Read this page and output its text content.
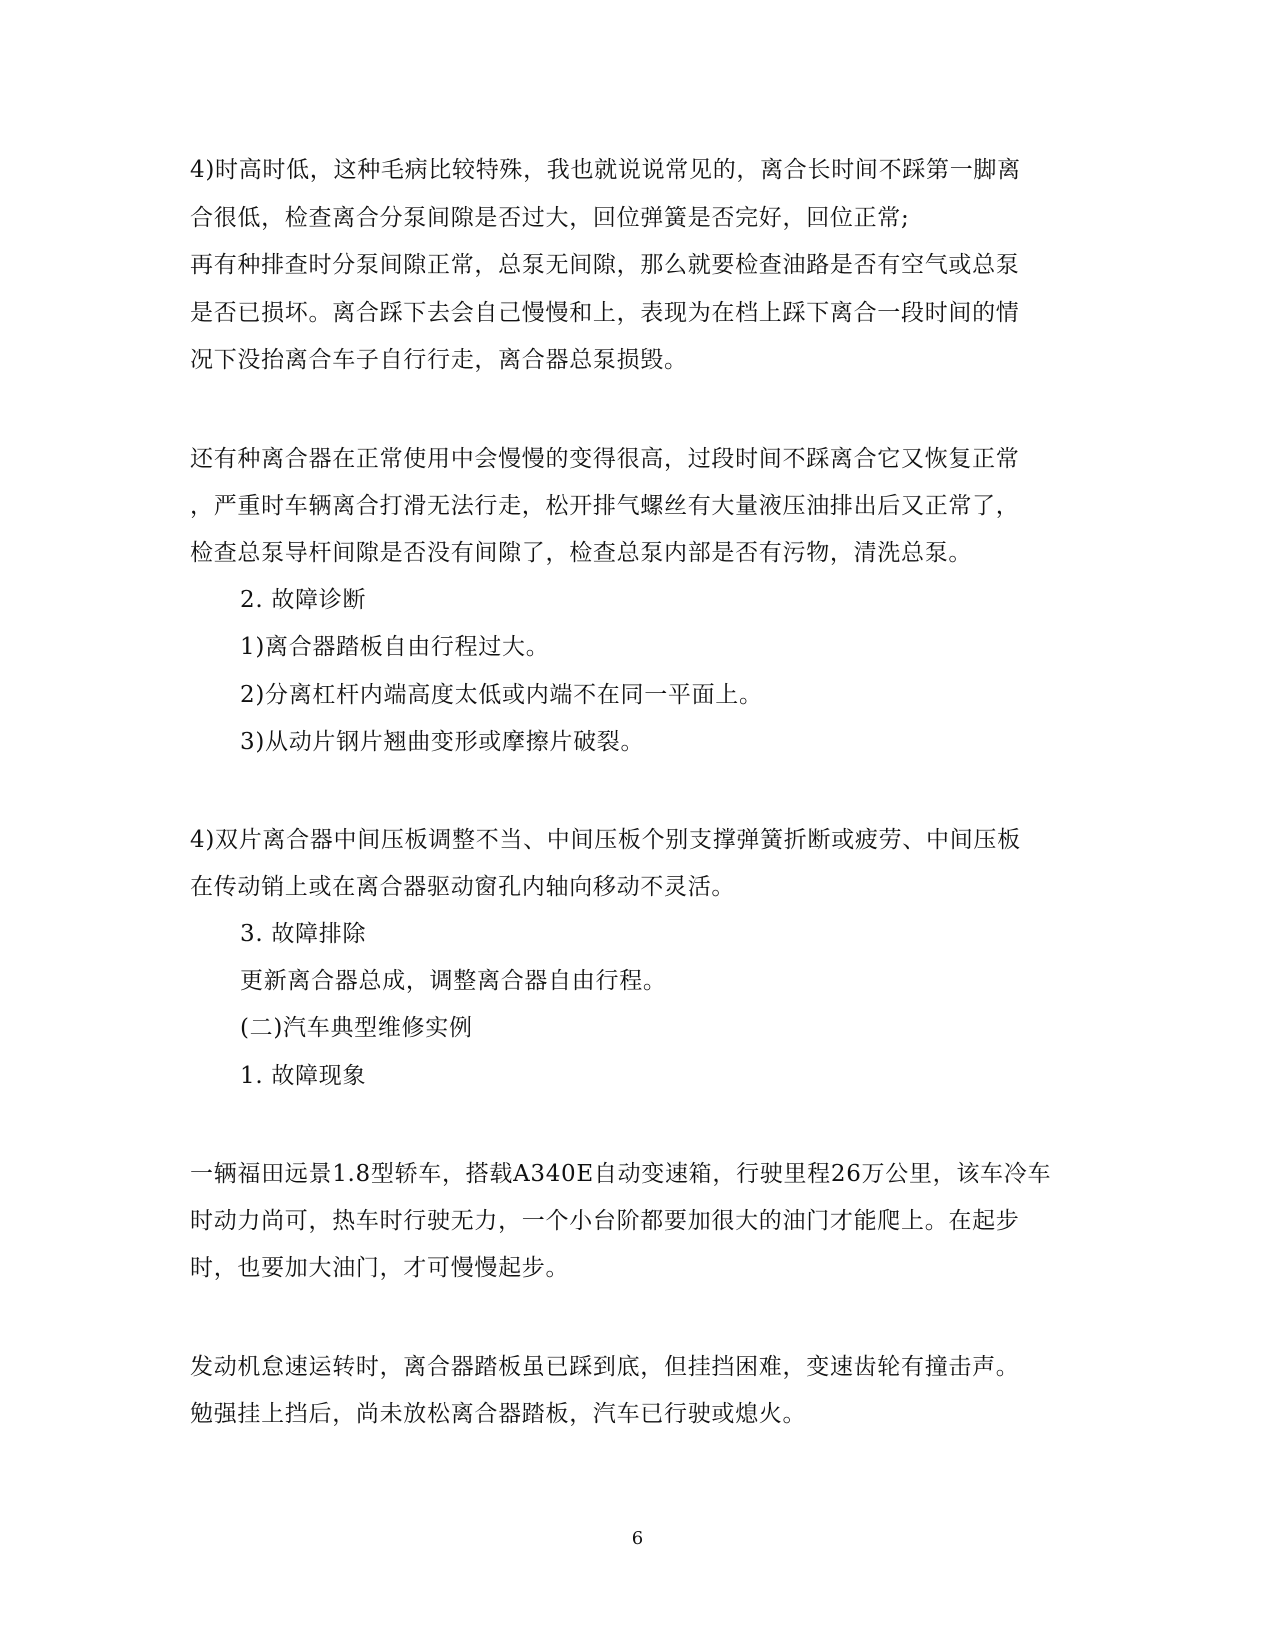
4)时高时低，这种毛病比较特殊，我也就说说常见的，离合长时间不踩第一脚离
合很低，检查离合分泵间隙是否过大，回位弹簧是否完好，回位正常;
再有种排查时分泵间隙正常，总泵无间隙，那么就要检查油路是否有空气或总泵
是否已损坏。离合踩下去会自己慢慢和上，表现为在档上踩下离合一段时间的情
况下没抬离合车子自行行走，离合器总泵损毁。
还有种离合器在正常使用中会慢慢的变得很高，过段时间不踩离合它又恢复正常
，严重时车辆离合打滑无法行走，松开排气螺丝有大量液压油排出后又正常了，
检查总泵导杆间隙是否没有间隙了，检查总泵内部是否有污物，清洗总泵。
2. 故障诊断
1)离合器踏板自由行程过大。
2)分离杠杆内端高度太低或内端不在同一平面上。
3)从动片钢片翘曲变形或摩擦片破裂。
4)双片离合器中间压板调整不当、中间压板个别支撑弹簧折断或疲劳、中间压板
在传动销上或在离合器驱动窗孔内轴向移动不灵活。
3. 故障排除
更新离合器总成，调整离合器自由行程。
(二)汽车典型维修实例
1. 故障现象
一辆福田远景1.8型轿车，搭载A340E自动变速箱，行驶里程26万公里，该车冷车
时动力尚可，热车时行驶无力，一个小台阶都要加很大的油门才能爬上。在起步
时，也要加大油门，才可慢慢起步。
发动机怠速运转时，离合器踏板虽已踩到底，但挂挡困难，变速齿轮有撞击声。
勉强挂上挡后，尚未放松离合器踏板，汽车已行驶或熄火。
6
